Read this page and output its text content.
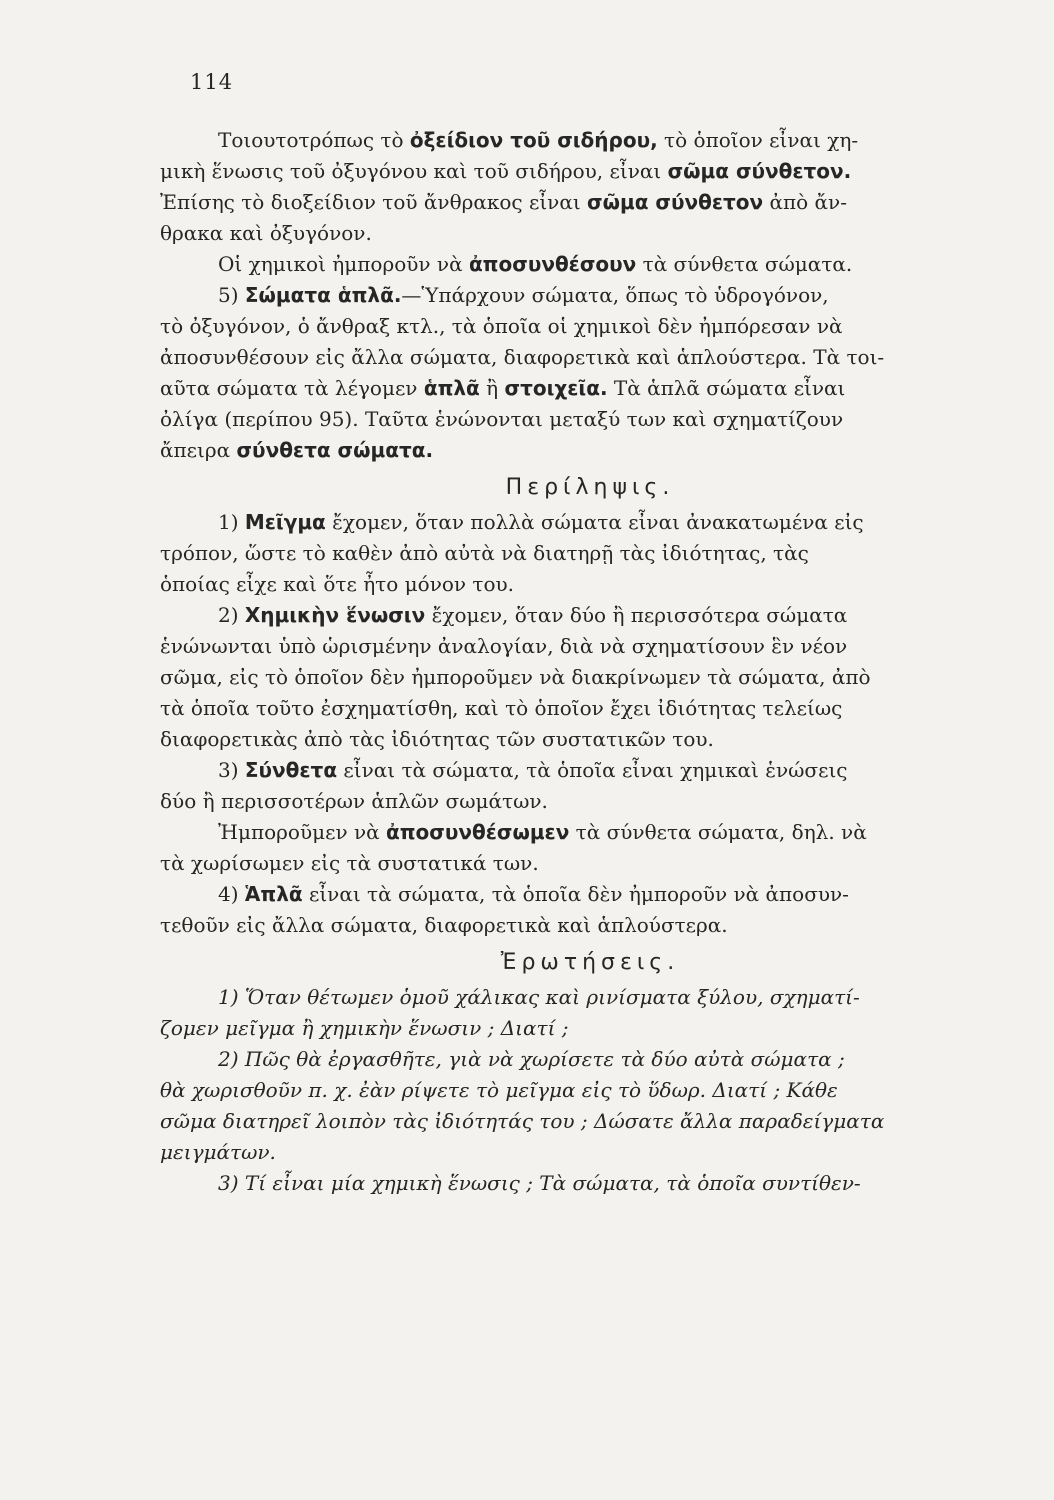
114
Τοιουτοτρόπως τὸ ὀξείδιον τοῦ σιδήρου, τὸ ὁποῖον εἶναι χη-
μικὴ ἕνωσις τοῦ ὀξυγόνου καὶ τοῦ σιδήρου, εἶναι σῶμα σύνθετον.
Ἐπίσης τὸ διοξείδιον τοῦ ἄνθρακος εἶναι σῶμα σύνθετον ἀπὸ ἄν-
θρακα καὶ ὀξυγόνον.
Οἱ χημικοὶ ἠμποροῦν νὰ ἀποσυνθέσουν τὰ σύνθετα σώματα.
5) Σώματα ἁπλᾶ.—Ὑπάρχουν σώματα, ὅπως τὸ ὑδρογόνον,
τὸ ὀξυγόνον, ὁ ἄνθραξ κτλ., τὰ ὁποῖα οἱ χημικοὶ δὲν ἠμπόρεσαν νὰ
ἀποσυνθέσουν εἰς ἄλλα σώματα, διαφορετικὰ καὶ ἁπλούστερα. Τὰ τοι-
αῦτα σώματα τὰ λέγομεν ἁπλᾶ ἢ στοιχεῖα. Τὰ ἁπλᾶ σώματα εἶναι
ὀλίγα (περίπου 95). Ταῦτα ἑνώνονται μεταξύ των καὶ σχηματίζουν
ἄπειρα σύνθετα σώματα.
Περίληψις.
1) Μεῖγμα ἔχομεν, ὅταν πολλὰ σώματα εἶναι ἀνακατωμένα εἰς
τρόπον, ὥστε τὸ καθὲν ἀπὸ αὐτὰ νὰ διατηρῇ τὰς ἰδιότητας, τὰς
ὁποίας εἶχε καὶ ὅτε ἦτο μόνον του.
2) Χημικὴν ἕνωσιν ἔχομεν, ὅταν δύο ἢ περισσότερα σώματα
ἑνώνωνται ὑπὸ ὡρισμένην ἀναλογίαν, διὰ νὰ σχηματίσουν ἓν νέον
σῶμα, εἰς τὸ ὁποῖον δὲν ἠμποροῦμεν νὰ διακρίνωμεν τὰ σώματα, ἀπὸ
τὰ ὁποῖα τοῦτο ἐσχηματίσθη, καὶ τὸ ὁποῖον ἔχει ἰδιότητας τελείως
διαφορετικὰς ἀπὸ τὰς ἰδιότητας τῶν συστατικῶν του.
3) Σύνθετα εἶναι τὰ σώματα, τὰ ὁποῖα εἶναι χημικαὶ ἑνώσεις
δύο ἢ περισσοτέρων ἁπλῶν σωμάτων.
Ἠμποροῦμεν νὰ ἀποσυνθέσωμεν τὰ σύνθετα σώματα, δηλ. νὰ
τὰ χωρίσωμεν εἰς τὰ συστατικά των.
4) Ἁπλᾶ εἶναι τὰ σώματα, τὰ ὁποῖα δὲν ἠμποροῦν νὰ ἀποσυν-
τεθοῦν εἰς ἄλλα σώματα, διαφορετικὰ καὶ ἁπλούστερα.
Ἐρωτήσεις.
1) Ὅταν θέτωμεν ὁμοῦ χάλικας καὶ ρινίσματα ξύλου, σχηματί-
ζομεν μεῖγμα ἢ χημικὴν ἕνωσιν ; Διατί ;
2) Πῶς θὰ ἐργασθῆτε, γιὰ νὰ χωρίσετε τὰ δύο αὐτὰ σώματα ;
θὰ χωρισθοῦν π. χ. ἐὰν ρίψετε τὸ μεῖγμα εἰς τὸ ὕδωρ. Διατί ; Κάθε
σῶμα διατηρεῖ λοιπὸν τὰς ἰδιότητάς του ; Δώσατε ἄλλα παραδείγματα
μειγμάτων.
3) Τί εἶναι μία χημικὴ ἕνωσις ; Τὰ σώματα, τὰ ὁποῖα συντίθεν-
